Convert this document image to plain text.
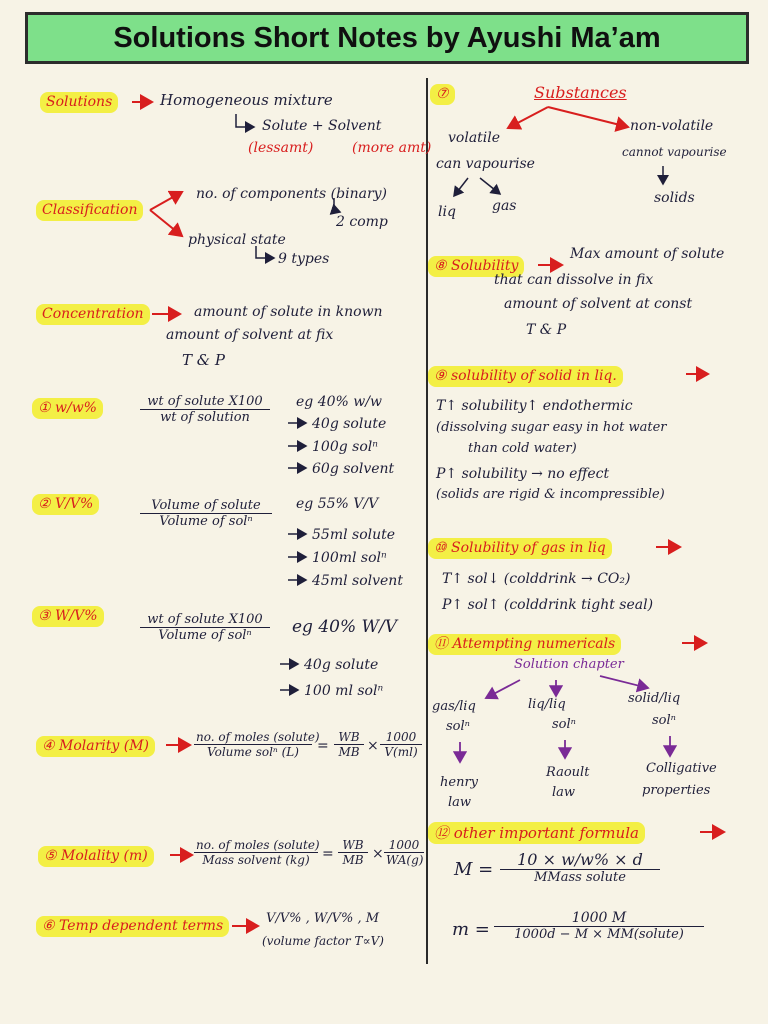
Solutions Short Notes by Ayushi Ma’am
Solutions	Homogeneous mixture
Solute + Solvent
(lessamt)	(more amt)
Classification
no. of components (binary)
2 comp
physical state
9 types
Concentration	amount of solute in known
amount of solvent at fix
T & P
① w/w%	wt of solute X100
wt of solution
eg 40% w/w
40g solute
100g solⁿ
60g solvent
② V/V%	Volume of solute
Volume of solⁿ
eg 55% V/V
55ml solute
100ml solⁿ
45ml solvent
③ W/V%	wt of solute X100
Volume of solⁿ	eg 40% W/V
40g solute
100 ml solⁿ
④ Molarity (M)
no. of moles (solute)
Volume solⁿ (L)	= $\frac{WB}{MB} \times \frac{1000}{V(ml)}$
⑤ Molality (m)
no. of moles (solute)
Mass solvent $(kg) = \frac{WB}{MB} \times \frac{1000}{WA(g)}$
⑥ Temp dependent terms	V/V% , W/V% , M
(volume factor T∝V)
⑦	Substances
volatile
can vapourise
liq	gas
non-volatile
cannot vapourise
solids
⑧ Solubility
Max amount of solute
that can dissolve in fix
amount of solvent at const
T & P
⑨ solubility of solid in liq.
T↑ solubility↑ endothermic
(dissolving sugar easy in hot water
than cold water)
P↑ solubility → no effect
(solids are rigid & incompressible)
⑩ Solubility of gas in liq
T↑ sol↓ (colddrink → CO₂)
P↑ sol↑ (colddrink tight seal)
⑪ Attempting numericals
Solution chapter
gas/liq
solⁿ
liq/liq
solⁿ
solid/liq
solⁿ
henry
law
Raoult
law
Colligative
properties
⑫ other important formula
M =	10 × w/w% × d
MMass solute
m =
1000 M
1000d − M × MM(solute)
